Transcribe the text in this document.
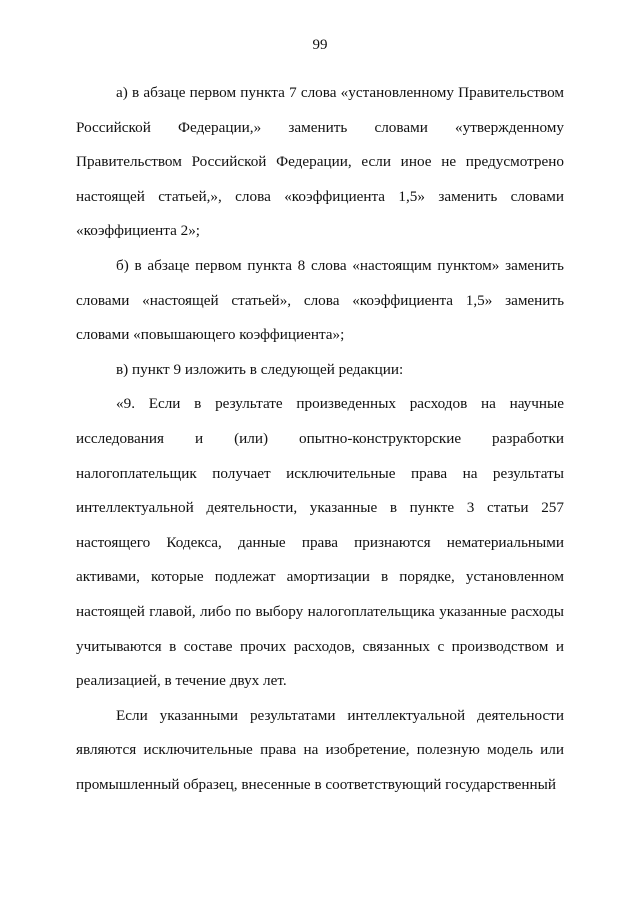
99

а) в абзаце первом пункта 7 слова «установленному Правительством Российской Федерации,» заменить словами «утвержденному Правительством Российской Федерации, если иное не предусмотрено настоящей статьей,», слова «коэффициента 1,5» заменить словами «коэффициента 2»;

б) в абзаце первом пункта 8 слова «настоящим пунктом» заменить словами «настоящей статьей», слова «коэффициента 1,5» заменить словами «повышающего коэффициента»;

в) пункт 9 изложить в следующей редакции:

«9. Если в результате произведенных расходов на научные исследования и (или) опытно-конструкторские разработки налогоплательщик получает исключительные права на результаты интеллектуальной деятельности, указанные в пункте 3 статьи 257 настоящего Кодекса, данные права признаются нематериальными активами, которые подлежат амортизации в порядке, установленном настоящей главой, либо по выбору налогоплательщика указанные расходы учитываются в составе прочих расходов, связанных с производством и реализацией, в течение двух лет.

Если указанными результатами интеллектуальной деятельности являются исключительные права на изобретение, полезную модель или промышленный образец, внесенные в соответствующий государственный
